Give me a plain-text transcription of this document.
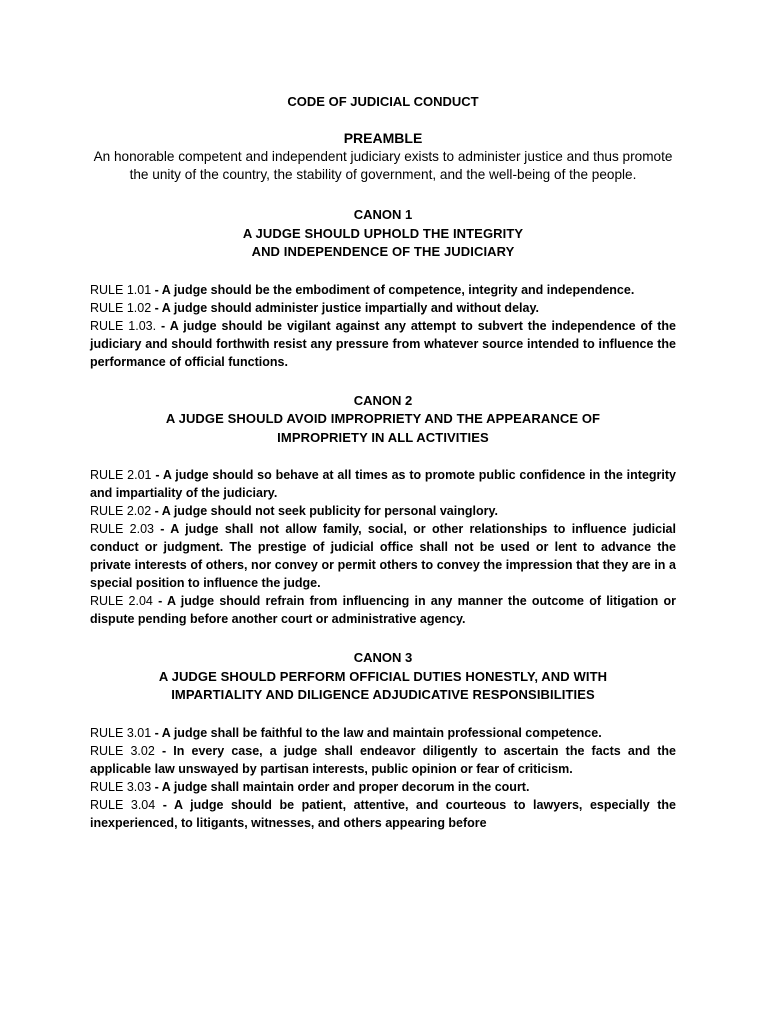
CODE OF JUDICIAL CONDUCT
PREAMBLE
An honorable competent and independent judiciary exists to administer justice and thus promote the unity of the country, the stability of government, and the well-being of the people.
CANON 1
A JUDGE SHOULD UPHOLD THE INTEGRITY
AND INDEPENDENCE OF THE JUDICIARY

RULE 1.01 - A judge should be the embodiment of competence, integrity and independence.

RULE 1.02 - A judge should administer justice impartially and without delay.

RULE 1.03. - A judge should be vigilant against any attempt to subvert the independence of the judiciary and should forthwith resist any pressure from whatever source intended to influence the performance of official functions.

CANON 2
A JUDGE SHOULD AVOID IMPROPRIETY AND THE APPEARANCE OF
IMPROPRIETY IN ALL ACTIVITIES

RULE 2.01 - A judge should so behave at all times as to promote public confidence in the integrity and impartiality of the judiciary.

RULE 2.02 - A judge should not seek publicity for personal vainglory.

RULE 2.03 - A judge shall not allow family, social, or other relationships to influence judicial conduct or judgment. The prestige of judicial office shall not be used or lent to advance the private interests of others, nor convey or permit others to convey the impression that they are in a special position to influence the judge.

RULE 2.04 - A judge should refrain from influencing in any manner the outcome of litigation or dispute pending before another court or administrative agency.

CANON 3
A JUDGE SHOULD PERFORM OFFICIAL DUTIES HONESTLY, AND WITH
IMPARTIALITY AND DILIGENCE ADJUDICATIVE RESPONSIBILITIES

RULE 3.01 - A judge shall be faithful to the law and maintain professional competence.

RULE 3.02 - In every case, a judge shall endeavor diligently to ascertain the facts and the applicable law unswayed by partisan interests, public opinion or fear of criticism.

RULE 3.03 - A judge shall maintain order and proper decorum in the court.

RULE 3.04 - A judge should be patient, attentive, and courteous to lawyers, especially the inexperienced, to litigants, witnesses, and others appearing before
